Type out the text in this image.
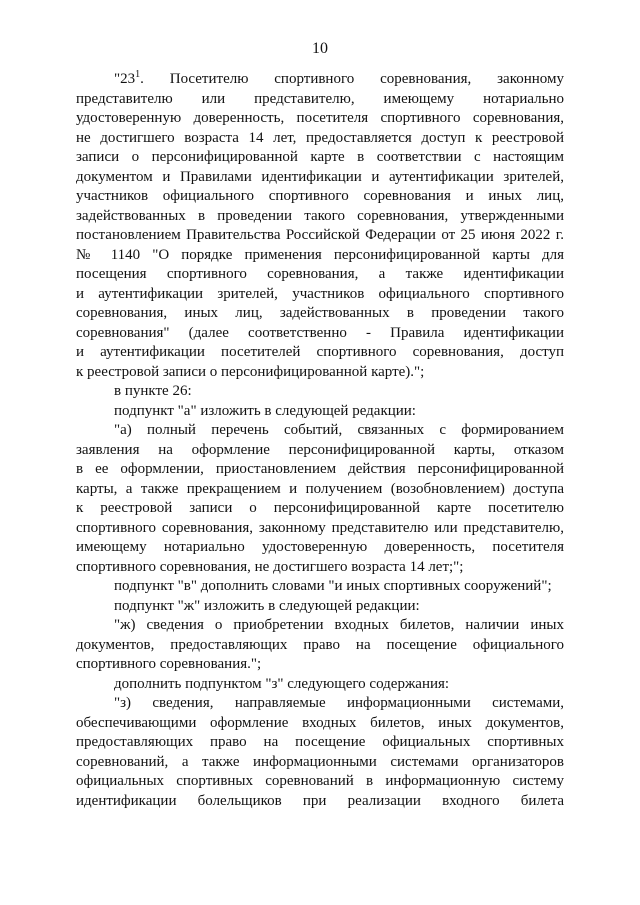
10
"$23^1$. Посетителю спортивного соревнования, законному
представителю или представителю, имеющему нотариально
удостоверенную доверенность, посетителя спортивного соревнования,
не достигшего возраста 14 лет, предоставляется доступ к реестровой
записи о персонифицированной карте в соответствии с настоящим
документом и Правилами идентификации и аутентификации зрителей,
участников официального спортивного соревнования и иных лиц,
задействованных в проведении такого соревнования, утвержденными
постановлением Правительства Российской Федерации от 25 июня 2022 г.
№ 1140 "О порядке применения персонифицированной карты для
посещения спортивного соревнования, а также идентификации
и аутентификации зрителей, участников официального спортивного
соревнования, иных лиц, задействованных в проведении такого
соревнования" (далее соответственно - Правила идентификации
и аутентификации посетителей спортивного соревнования, доступ
к реестровой записи о персонифицированной карте).";
в пункте 26:
подпункт "а" изложить в следующей редакции:
"а) полный перечень событий, связанных с формированием
заявления на оформление персонифицированной карты, отказом
в ее оформлении, приостановлением действия персонифицированной
карты, а также прекращением и получением (возобновлением) доступа
к реестровой записи о персонифицированной карте посетителю
спортивного соревнования, законному представителю или представителю,
имеющему нотариально удостоверенную доверенность, посетителя
спортивного соревнования, не достигшего возраста 14 лет;";
подпункт "в" дополнить словами "и иных спортивных сооружений";
подпункт "ж" изложить в следующей редакции:
"ж) сведения о приобретении входных билетов, наличии иных
документов, предоставляющих право на посещение официального
спортивного соревнования.";
дополнить подпунктом "з" следующего содержания:
"з) сведения, направляемые информационными системами,
обеспечивающими оформление входных билетов, иных документов,
предоставляющих право на посещение официальных спортивных
соревнований, а также информационными системами организаторов
официальных спортивных соревнований в информационную систему
идентификации болельщиков при реализации входного билета
